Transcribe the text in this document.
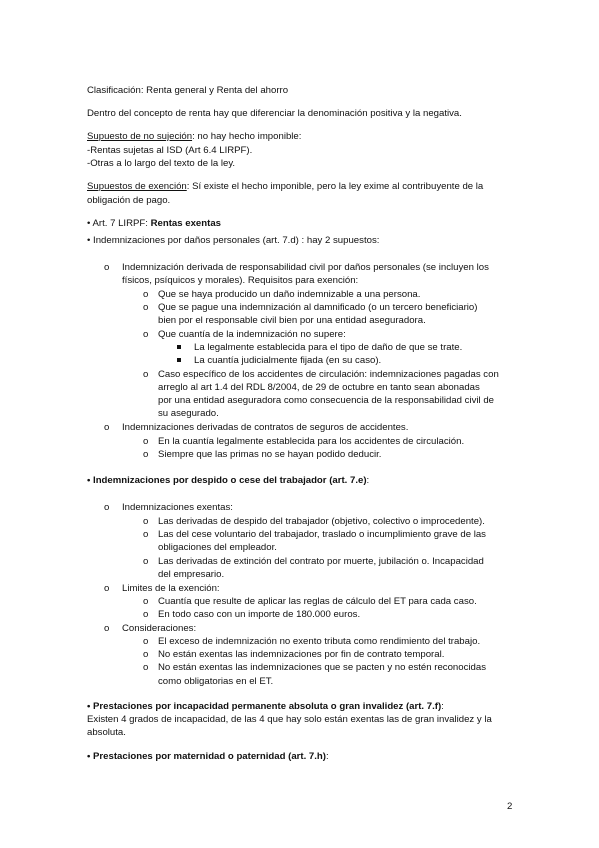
Clasificación: Renta general y Renta del ahorro
Dentro del concepto de renta hay que diferenciar la denominación positiva y la negativa.
Supuesto de no sujeción: no hay hecho imponible:
-Rentas sujetas al ISD (Art 6.4 LIRPF).
-Otras a lo largo del texto de la ley.
Supuestos de exención: Sí existe el hecho imponible, pero la ley exime al contribuyente de la
obligación de pago.
• Art. 7 LIRPF: Rentas exentas
• Indemnizaciones por daños personales (art. 7.d) : hay 2 supuestos:
o Indemnización derivada de responsabilidad civil por daños personales (se incluyen los
físicos, psíquicos y morales). Requisitos para exención:
o Que se haya producido un daño indemnizable a una persona.
o Que se pague una indemnización al damnificado (o un tercero beneficiario)
bien por el responsable civil bien por una entidad aseguradora.
o Que cuantía de la indemnización no supere:
La legalmente establecida para el tipo de daño de que se trate.
La cuantía judicialmente fijada (en su caso).
o Caso específico de los accidentes de circulación: indemnizaciones pagadas con
arreglo al art 1.4 del RDL 8/2004, de 29 de octubre en tanto sean abonadas
por una entidad aseguradora como consecuencia de la responsabilidad civil de
su asegurado.
o Indemnizaciones derivadas de contratos de seguros de accidentes.
o En la cuantía legalmente establecida para los accidentes de circulación.
o Siempre que las primas no se hayan podido deducir.
• Indemnizaciones por despido o cese del trabajador (art. 7.e):
o Indemnizaciones exentas:
o Las derivadas de despido del trabajador (objetivo, colectivo o improcedente).
o Las del cese voluntario del trabajador, traslado o incumplimiento grave de las
obligaciones del empleador.
o Las derivadas de extinción del contrato por muerte, jubilación o. Incapacidad
del empresario.
o Limites de la exención:
o Cuantía que resulte de aplicar las reglas de cálculo del ET para cada caso.
o En todo caso con un importe de 180.000 euros.
o Consideraciones:
o El exceso de indemnización no exento tributa como rendimiento del trabajo.
o No están exentas las indemnizaciones por fin de contrato temporal.
o No están exentas las indemnizaciones que se pacten y no estén reconocidas
como obligatorias en el ET.
• Prestaciones por incapacidad permanente absoluta o gran invalidez (art. 7.f):
Existen 4 grados de incapacidad, de las 4 que hay solo están exentas las de gran invalidez y la
absoluta.
• Prestaciones por maternidad o paternidad (art. 7.h):
2
